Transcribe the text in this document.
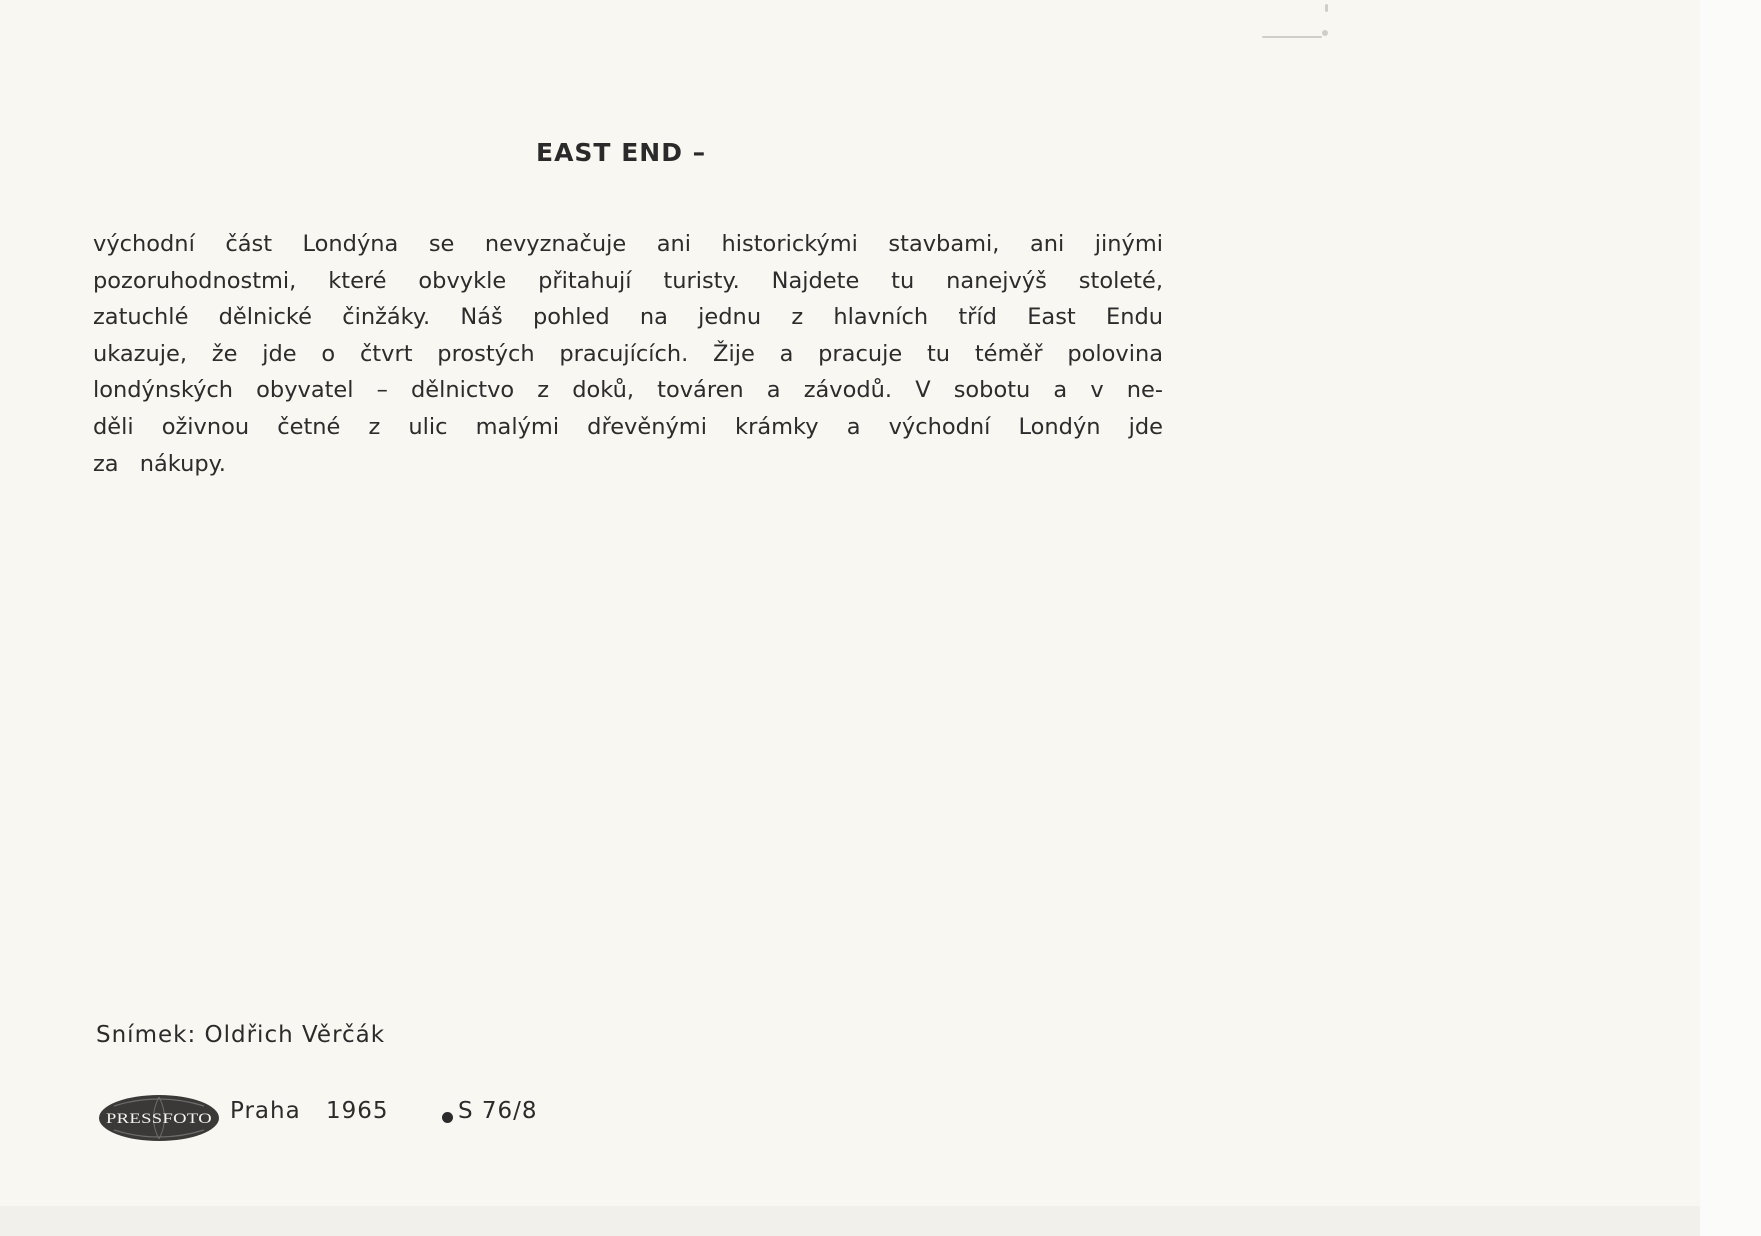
EAST END –
východní část Londýna se nevyznačuje ani historickými stavbami, ani jinými
pozoruhodnostmi, které obvykle přitahují turisty. Najdete tu nanejvýš stoleté,
zatuchlé dělnické činžáky. Náš pohled na jednu z hlavních tříd East Endu
ukazuje, že jde o čtvrt prostých pracujících. Žije a pracuje tu téměř polovina
londýnských obyvatel – dělnictvo z doků, továren a závodů. V sobotu a v ne-
děli oživnou četné z ulic malými dřevěnými krámky a východní Londýn jde
za nákupy.
Snímek: Oldřich Věrčák
PRESSFOTO Praha 1965	S 76/8
